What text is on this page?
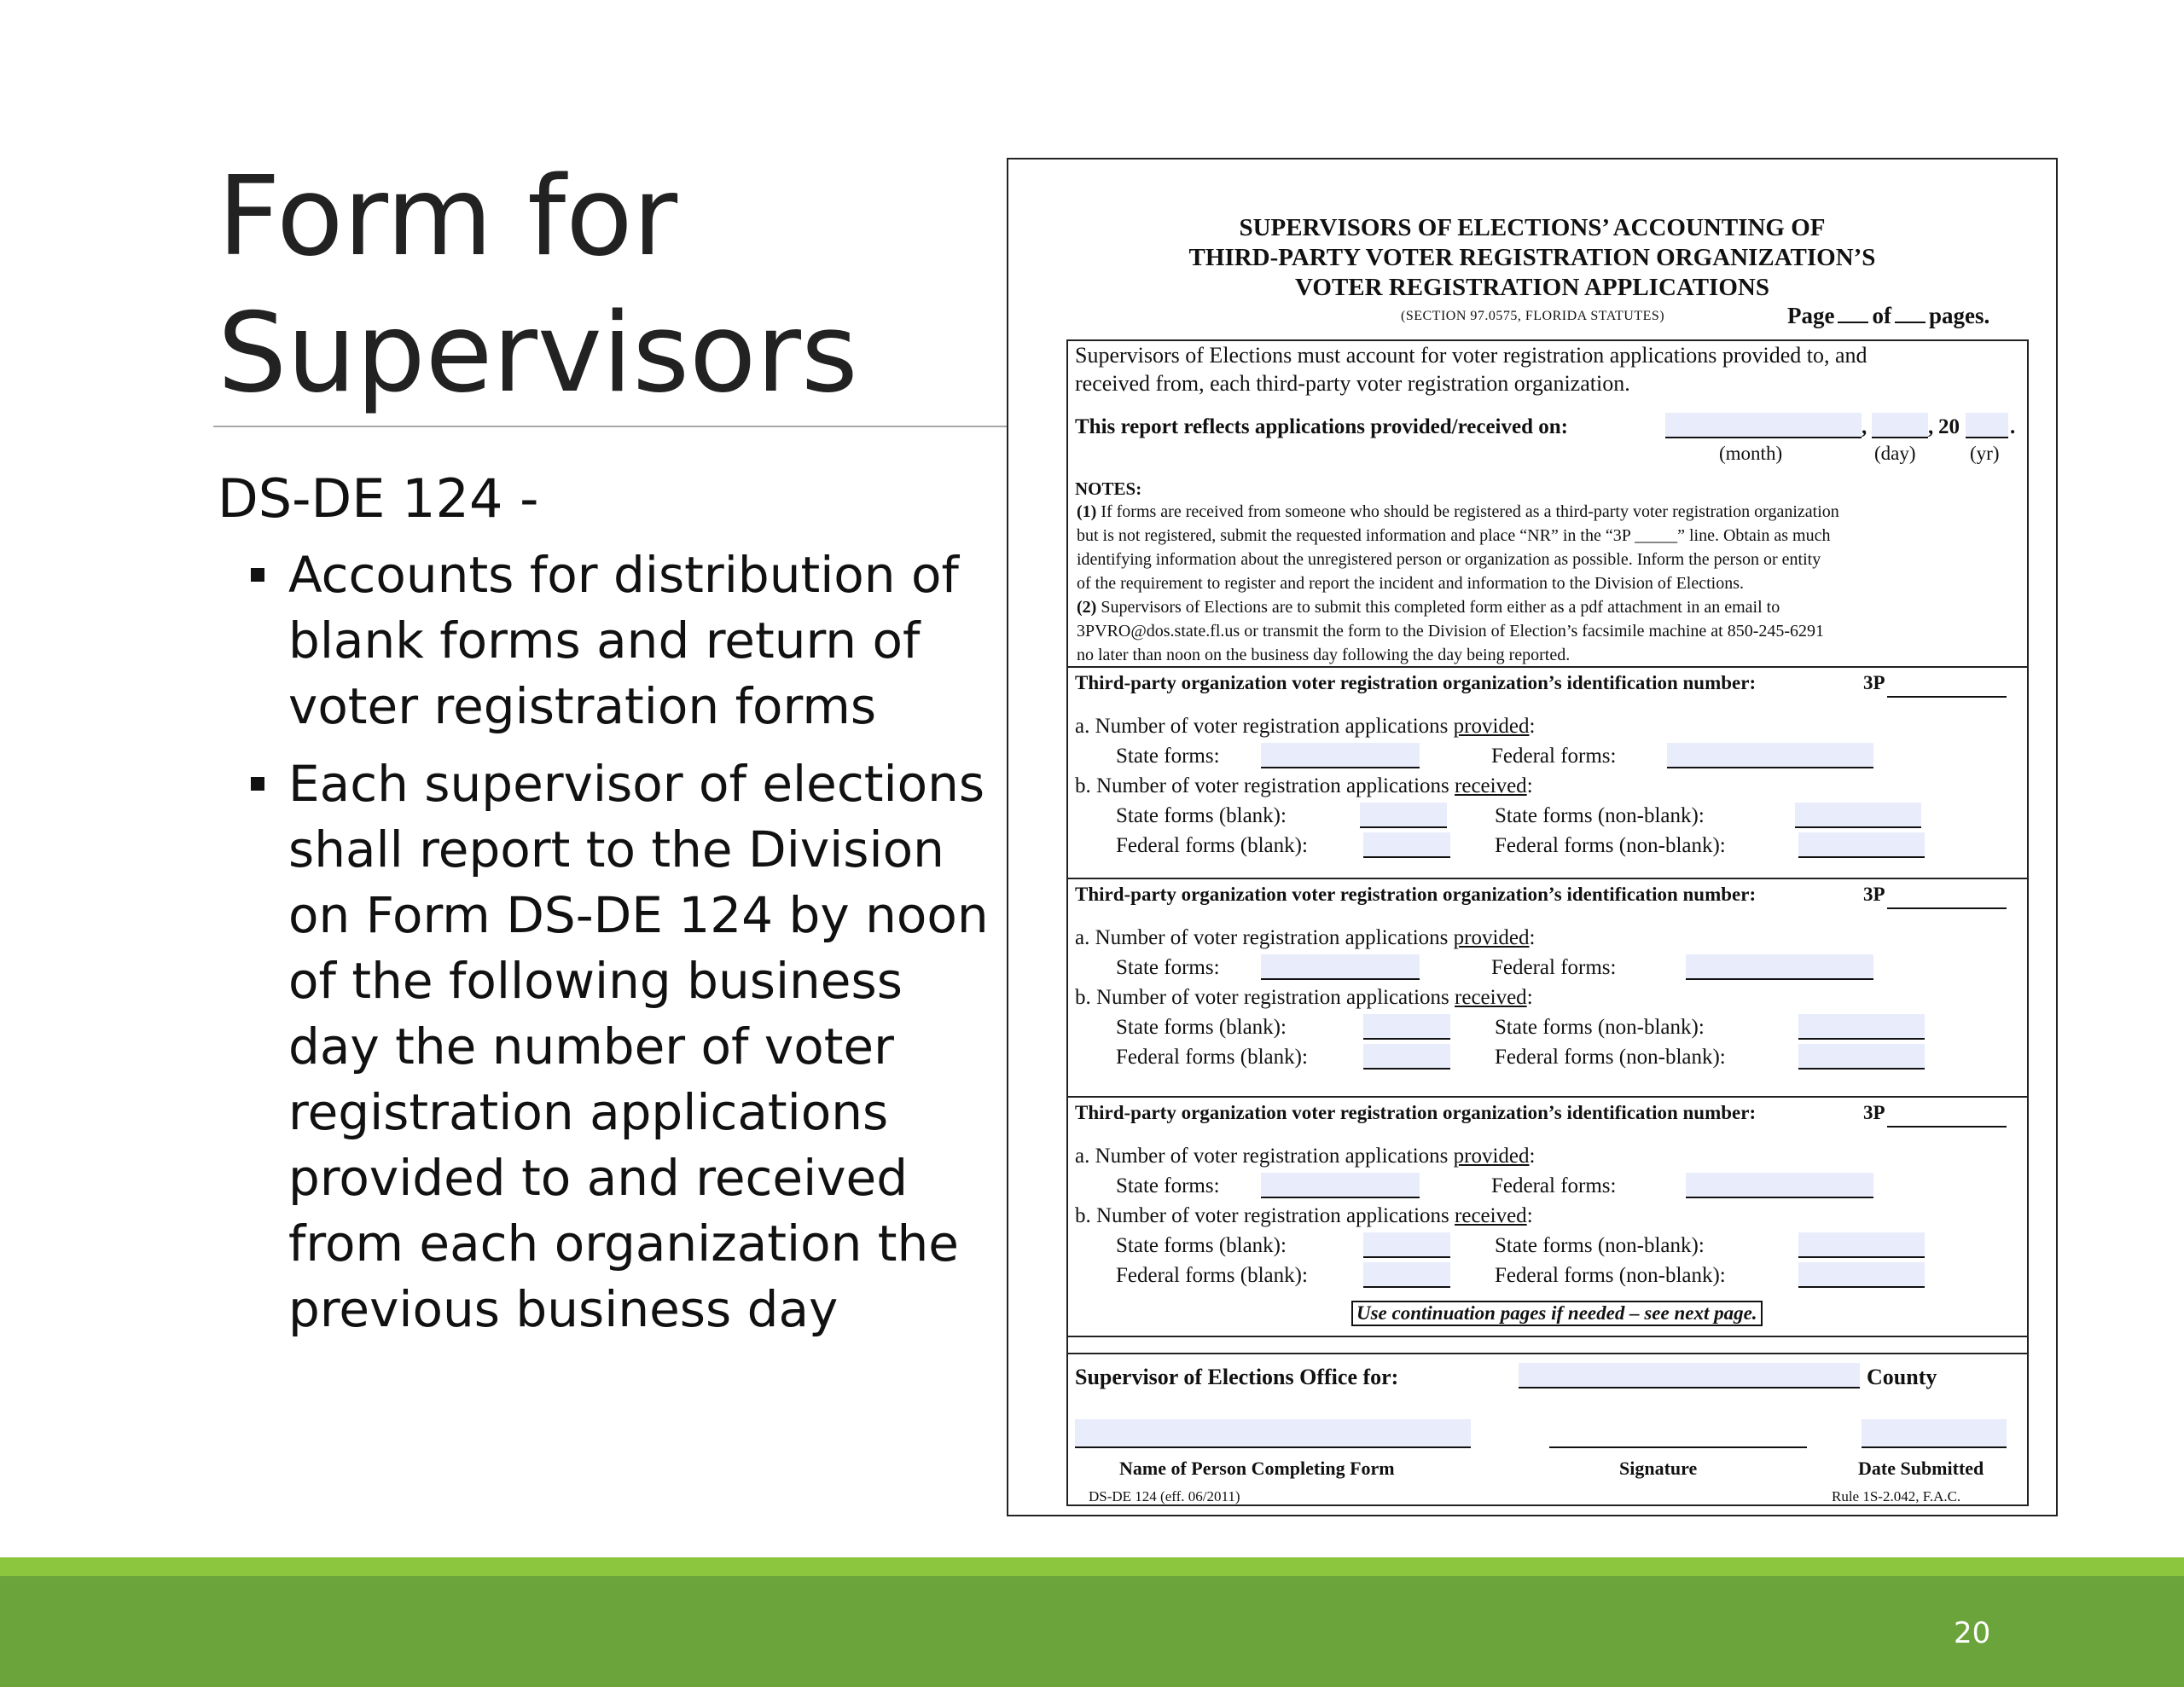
Form for
Supervisors
DS-DE 124 -
Accounts for distribution of blank forms and return of voter registration forms
Each supervisor of elections shall report to the Division on Form DS-DE 124 by noon of the following business day the number of voter registration applications provided to and received from each organization the previous business day
SUPERVISORS OF ELECTIONS’ ACCOUNTING OF
THIRD-PARTY VOTER REGISTRATION ORGANIZATION’S
VOTER REGISTRATION APPLICATIONS
(SECTION 97.0575, FLORIDA STATUTES)	Page of pages.
Supervisors of Elections must account for voter registration applications provided to, and
received from, each third-party voter registration organization.
This report reflects applications provided/received on:	,	, 20 .
(month)	(day)	(yr)
NOTES:
(1) If forms are received from someone who should be registered as a third-party voter registration organization
but is not registered, submit the requested information and place “NR” in the “3P _____” line. Obtain as much
identifying information about the unregistered person or organization as possible. Inform the person or entity
of the requirement to register and report the incident and information to the Division of Elections.
(2) Supervisors of Elections are to submit this completed form either as a pdf attachment in an email to
3PVRO@dos.state.fl.us or transmit the form to the Division of Election’s facsimile machine at 850-245-6291
no later than noon on the business day following the day being reported.
Third-party organization voter registration organization’s identification number:	3P
a. Number of voter registration applications provided:
State forms:	Federal forms:
b. Number of voter registration applications received:
State forms (blank):	State forms (non-blank):
Federal forms (blank):	Federal forms (non-blank):
Third-party organization voter registration organization’s identification number:	3P
a. Number of voter registration applications provided:
State forms:	Federal forms:
b. Number of voter registration applications received:
State forms (blank):	State forms (non-blank):
Federal forms (blank):	Federal forms (non-blank):
Third-party organization voter registration organization’s identification number:	3P
a. Number of voter registration applications provided:
State forms:	Federal forms:
b. Number of voter registration applications received:
State forms (blank):	State forms (non-blank):
Federal forms (blank):	Federal forms (non-blank):
Use continuation pages if needed – see next page.
Supervisor of Elections Office for:	County
Name of Person Completing Form	Signature	Date Submitted
DS-DE 124 (eff. 06/2011)	Rule 1S-2.042, F.A.C.
20
